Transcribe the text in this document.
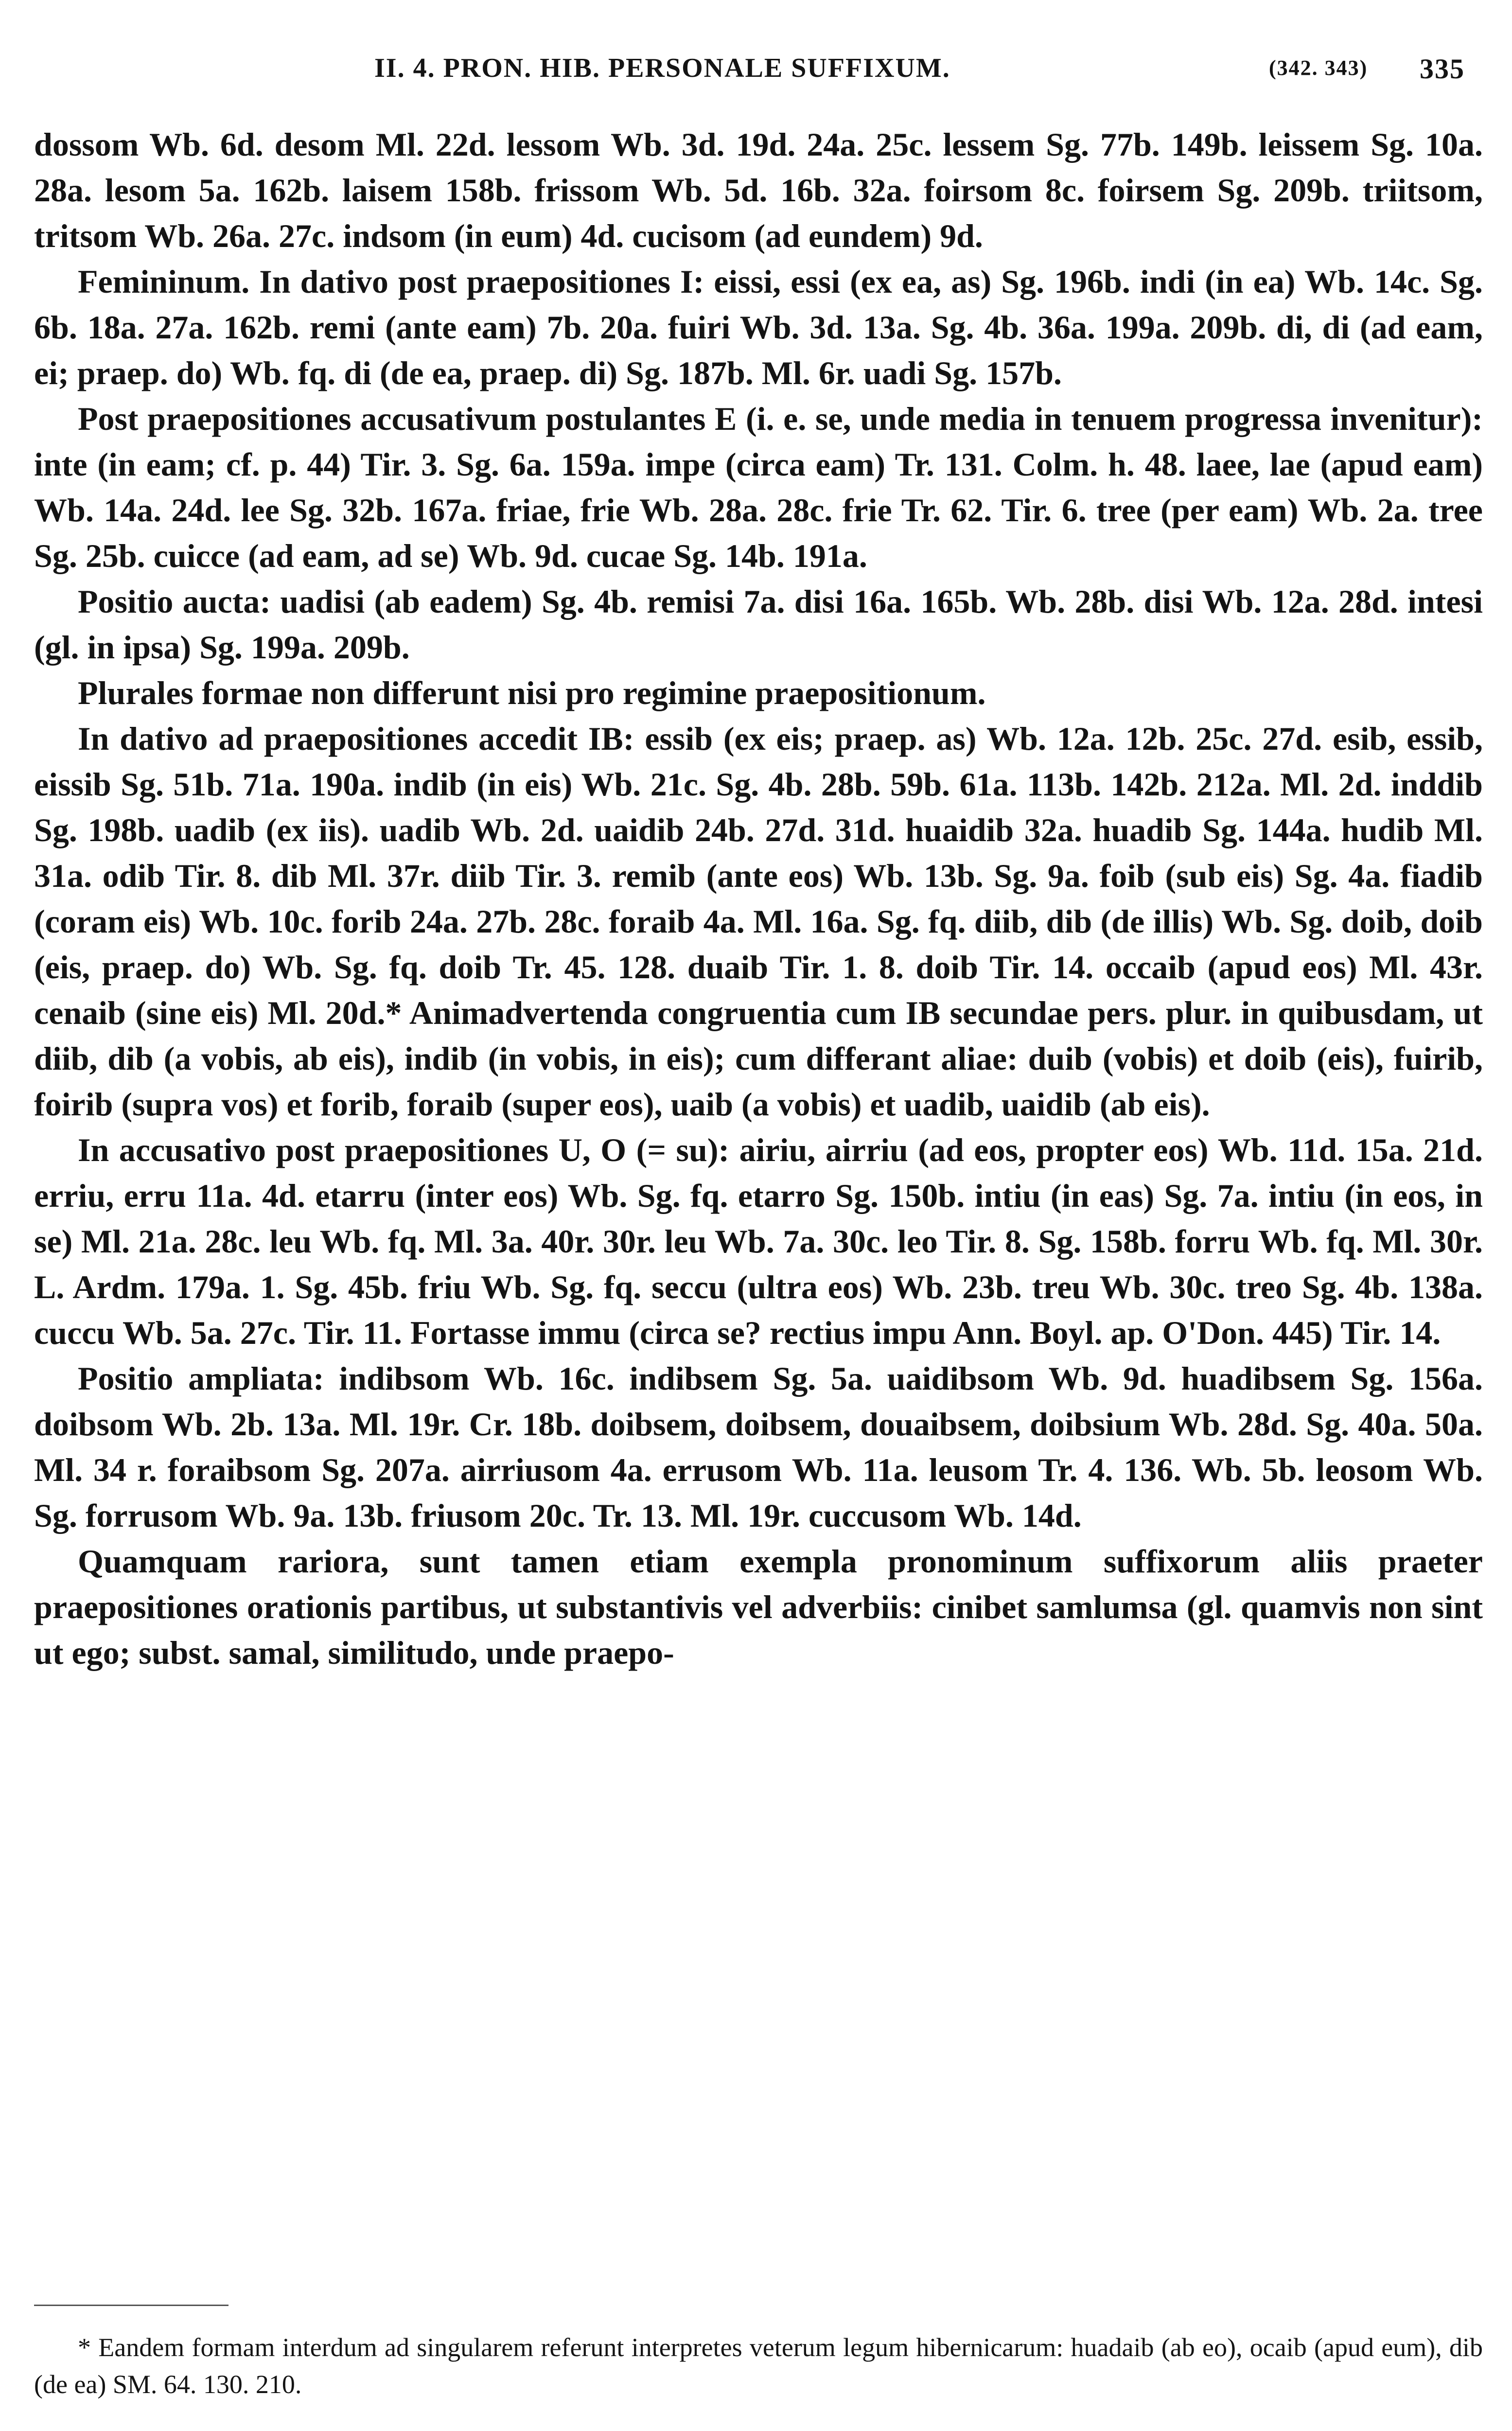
II. 4. PRON. HIB. PERSONALE SUFFIXUM.	(342. 343) 335

dossom Wb. 6d. desom Ml. 22d. lessom Wb. 3d. 19d. 24a. 25c. lessem Sg. 77b. 149b. leissem Sg. 10a. 28a. lesom 5a. 162b. laisem 158b. frissom Wb. 5d. 16b. 32a. foirsom 8c. foirsem Sg. 209b. triitsom, tritsom Wb. 26a. 27c. indsom (in eum) 4d. cucisom (ad eundem) 9d.

Femininum. In dativo post praepositiones I: eissi, essi (ex ea, as) Sg. 196b. indi (in ea) Wb. 14c. Sg. 6b. 18a. 27a. 162b. remi (ante eam) 7b. 20a. fuiri Wb. 3d. 13a. Sg. 4b. 36a. 199a. 209b. di, di (ad eam, ei; praep. do) Wb. fq. di (de ea, praep. di) Sg. 187b. Ml. 6r. uadi Sg. 157b.

Post praepositiones accusativum postulantes E (i. e. se, unde media in tenuem progressa invenitur): inte (in eam; cf. p. 44) Tir. 3. Sg. 6a. 159a. impe (circa eam) Tr. 131. Colm. h. 48. laee, lae (apud eam) Wb. 14a. 24d. lee Sg. 32b. 167a. friae, frie Wb. 28a. 28c. frie Tr. 62. Tir. 6. tree (per eam) Wb. 2a. tree Sg. 25b. cuicce (ad eam, ad se) Wb. 9d. cucae Sg. 14b. 191a.

Positio aucta: uadisi (ab eadem) Sg. 4b. remisi 7a. disi 16a. 165b. Wb. 28b. disi Wb. 12a. 28d. intesi (gl. in ipsa) Sg. 199a. 209b.

Plurales formae non differunt nisi pro regimine praepositionum.

In dativo ad praepositiones accedit IB: essib (ex eis; praep. as) Wb. 12a. 12b. 25c. 27d. esib, essib, eissib Sg. 51b. 71a. 190a. indib (in eis) Wb. 21c. Sg. 4b. 28b. 59b. 61a. 113b. 142b. 212a. Ml. 2d. inddib Sg. 198b. uadib (ex iis). uadib Wb. 2d. uaidib 24b. 27d. 31d. huaidib 32a. huadib Sg. 144a. hudib Ml. 31a. odib Tir. 8. dib Ml. 37r. diib Tir. 3. remib (ante eos) Wb. 13b. Sg. 9a. foib (sub eis) Sg. 4a. fiadib (coram eis) Wb. 10c. forib 24a. 27b. 28c. foraib 4a. Ml. 16a. Sg. fq. diib, dib (de illis) Wb. Sg. doib, doib (eis, praep. do) Wb. Sg. fq. doib Tr. 45. 128. duaib Tir. 1. 8. doib Tir. 14. occaib (apud eos) Ml. 43r. cenaib (sine eis) Ml. 20d.* Animadvertenda congruentia cum IB secundae pers. plur. in quibusdam, ut diib, dib (a vobis, ab eis), indib (in vobis, in eis); cum differant aliae: duib (vobis) et doib (eis), fuirib, foirib (supra vos) et forib, foraib (super eos), uaib (a vobis) et uadib, uaidib (ab eis).

In accusativo post praepositiones U, O (= su): airiu, airriu (ad eos, propter eos) Wb. 11d. 15a. 21d. erriu, erru 11a. 4d. etarru (inter eos) Wb. Sg. fq. etarro Sg. 150b. intiu (in eas) Sg. 7a. intiu (in eos, in se) Ml. 21a. 28c. leu Wb. fq. Ml. 3a. 40r. 30r. leu Wb. 7a. 30c. leo Tir. 8. Sg. 158b. forru Wb. fq. Ml. 30r. L. Ardm. 179a. 1. Sg. 45b. friu Wb. Sg. fq. seccu (ultra eos) Wb. 23b. treu Wb. 30c. treo Sg. 4b. 138a. cuccu Wb. 5a. 27c. Tir. 11. Fortasse immu (circa se? rectius impu Ann. Boyl. ap. O'Don. 445) Tir. 14.

Positio ampliata: indibsom Wb. 16c. indibsem Sg. 5a. uaidibsom Wb. 9d. huadibsem Sg. 156a. doibsom Wb. 2b. 13a. Ml. 19r. Cr. 18b. doibsem, doibsem, douaibsem, doibsium Wb. 28d. Sg. 40a. 50a. Ml. 34 r. foraibsom Sg. 207a. airriusom 4a. errusom Wb. 11a. leusom Tr. 4. 136. Wb. 5b. leosom Wb. Sg. forrusom Wb. 9a. 13b. friusom 20c. Tr. 13. Ml. 19r. cuccusom Wb. 14d.

Quamquam rariora, sunt tamen etiam exempla pronominum suffixorum aliis praeter praepositiones orationis partibus, ut substantivis vel adverbiis: cinibet samlumsa (gl. quamvis non sint ut ego; subst. samal, similitudo, unde praepo-

* Eandem formam interdum ad singularem referunt interpretes veterum legum hibernicarum: huadaib (ab eo), ocaib (apud eum), dib (de ea) SM. 64. 130. 210.
